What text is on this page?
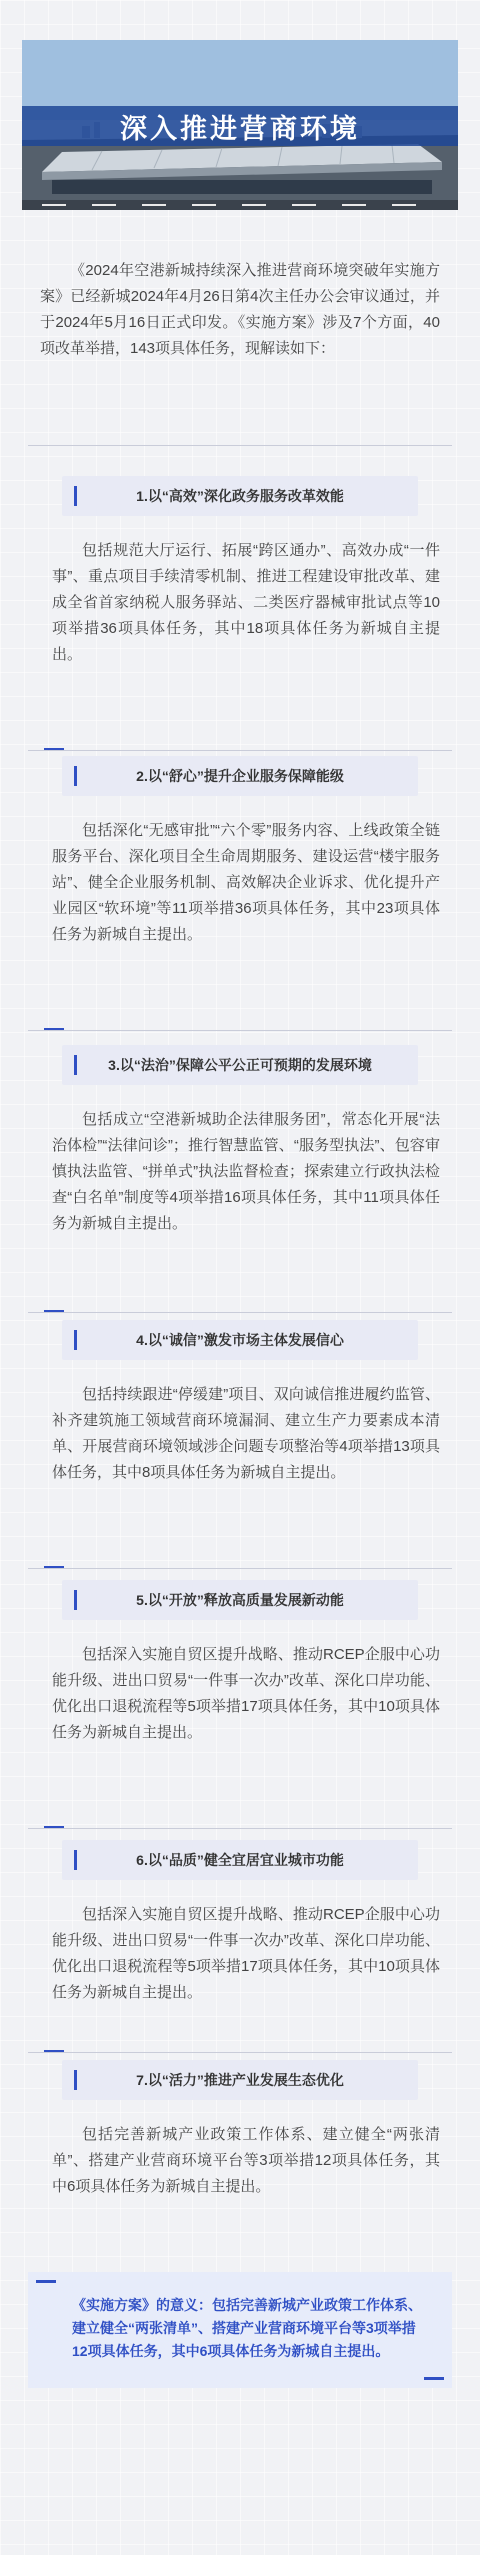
深入推进营商环境

《2024年空港新城持续深入推进营商环境突破年实施方案》已经新城2024年4月26日第4次主任办公会审议通过，并于2024年5月16日正式印发。《实施方案》涉及7个方面，40项改革举措，143项具体任务，现解读如下：

1.以“高效”深化政务服务改革效能

包括规范大厅运行、拓展“跨区通办”、高效办成“一件事”、重点项目手续清零机制、推进工程建设审批改革、建成全省首家纳税人服务驿站、二类医疗器械审批试点等10项举措36项具体任务，其中18项具体任务为新城自主提出。

2.以“舒心”提升企业服务保障能级

包括深化“无感审批”“六个零”服务内容、上线政策全链服务平台、深化项目全生命周期服务、建设运营“楼宇服务站”、健全企业服务机制、高效解决企业诉求、优化提升产业园区“软环境”等11项举措36项具体任务，其中23项具体任务为新城自主提出。

3.以“法治”保障公平公正可预期的发展环境

包括成立“空港新城助企法律服务团”，常态化开展“法治体检”“法律问诊”；推行智慧监管、“服务型执法”、包容审慎执法监管、“拼单式”执法监督检查；探索建立行政执法检查“白名单”制度等4项举措16项具体任务，其中11项具体任务为新城自主提出。

4.以“诚信”激发市场主体发展信心

包括持续跟进“停缓建”项目、双向诚信推进履约监管、补齐建筑施工领域营商环境漏洞、建立生产力要素成本清单、开展营商环境领域涉企问题专项整治等4项举措13项具体任务，其中8项具体任务为新城自主提出。

5.以“开放”释放高质量发展新动能

包括深入实施自贸区提升战略、推动RCEP企服中心功能升级、进出口贸易“一件事一次办”改革、深化口岸功能、优化出口退税流程等5项举措17项具体任务，其中10项具体任务为新城自主提出。

6.以“品质”健全宜居宜业城市功能

包括深入实施自贸区提升战略、推动RCEP企服中心功能升级、进出口贸易“一件事一次办”改革、深化口岸功能、优化出口退税流程等5项举措17项具体任务，其中10项具体任务为新城自主提出。

7.以“活力”推进产业发展生态优化

包括完善新城产业政策工作体系、建立健全“两张清单”、搭建产业营商环境平台等3项举措12项具体任务，其中6项具体任务为新城自主提出。

《实施方案》的意义：包括完善新城产业政策工作体系、建立健全“两张清单”、搭建产业营商环境平台等3项举措12项具体任务，其中6项具体任务为新城自主提出。
